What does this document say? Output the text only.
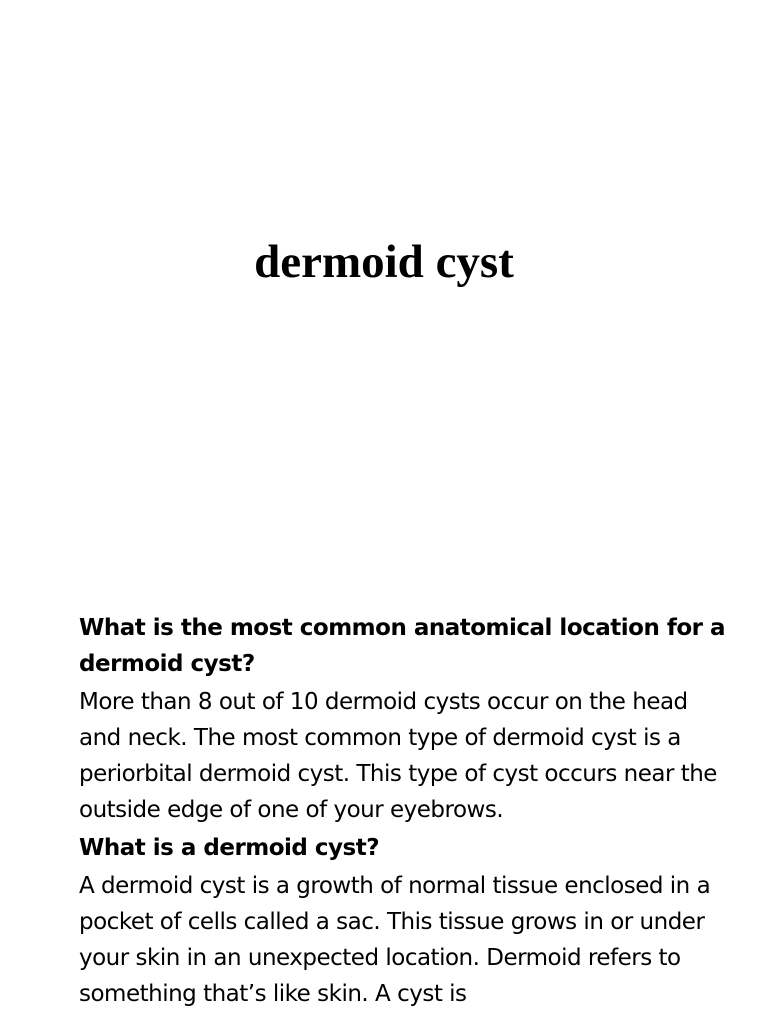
dermoid cyst

What is the most common anatomical location for a dermoid cyst?

More than 8 out of 10 dermoid cysts occur on the head and neck. The most common type of dermoid cyst is a periorbital dermoid cyst. This type of cyst occurs near the outside edge of one of your eyebrows.

What is a dermoid cyst?

A dermoid cyst is a growth of normal tissue enclosed in a pocket of cells called a sac. This tissue grows in or under your skin in an unexpected location. Dermoid refers to something that’s like skin. A cyst is
